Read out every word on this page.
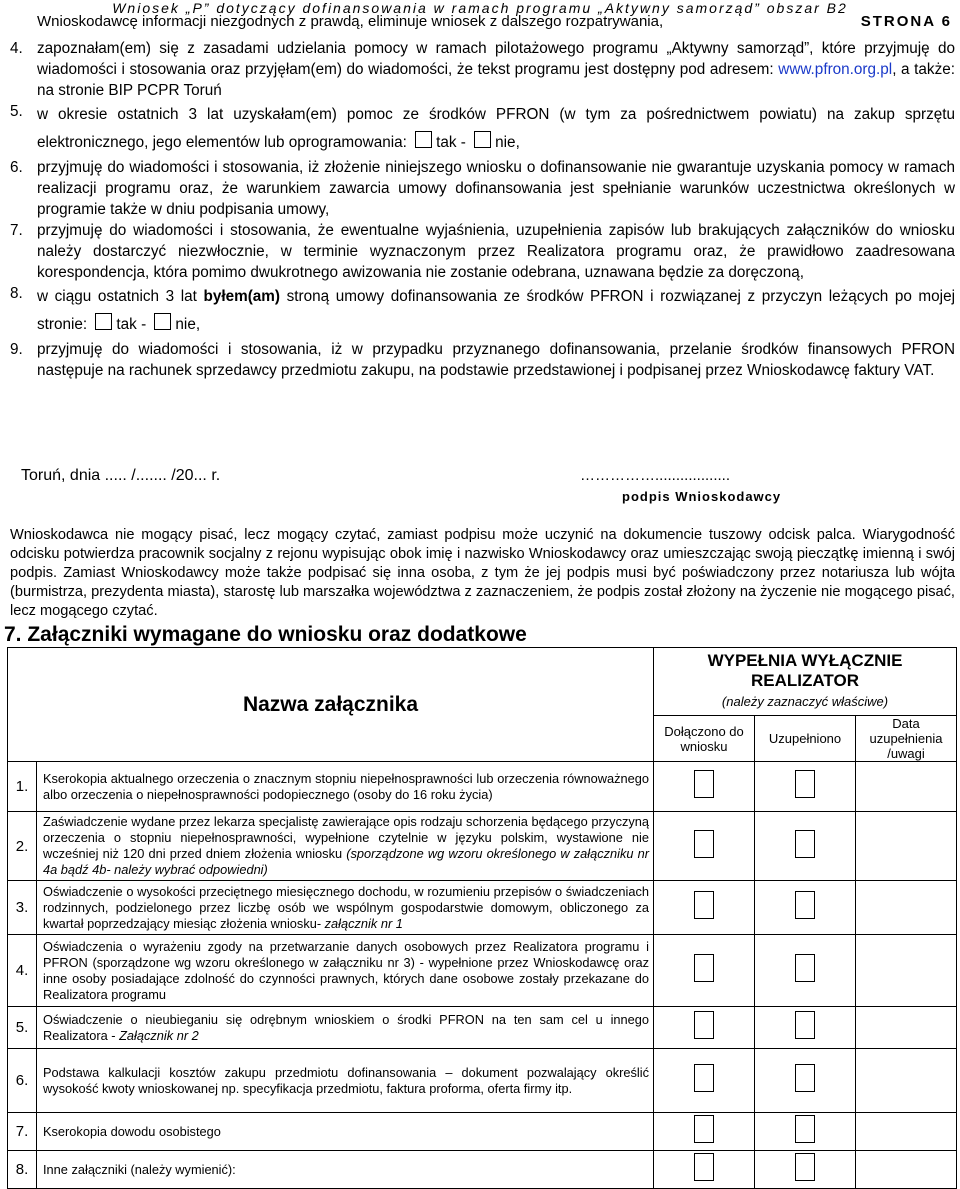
Wniosek „P” dotyczący dofinansowania w ramach programu „Aktywny samorząd” obszar B2
Wnioskodawcę informacji niezgodnych z prawdą, eliminuje wniosek z dalszego rozpatrywania,	STRONA 6
4. zapoznałam(em) się z zasadami udzielania pomocy w ramach pilotażowego programu „Aktywny samorząd”, które przyjmuję do wiadomości i stosowania oraz przyjęłam(em) do wiadomości, że tekst programu jest dostępny pod adresem: www.pfron.org.pl, a także: na stronie BIP PCPR Toruń
5. w okresie ostatnich 3 lat uzyskałam(em) pomoc ze środków PFRON (w tym za pośrednictwem powiatu) na zakup sprzętu elektronicznego, jego elementów lub oprogramowania: tak - nie,
6. przyjmuję do wiadomości i stosowania, iż złożenie niniejszego wniosku o dofinansowanie nie gwarantuje uzyskania pomocy w ramach realizacji programu oraz, że warunkiem zawarcia umowy dofinansowania jest spełnianie warunków uczestnictwa określonych w programie także w dniu podpisania umowy,
7. przyjmuję do wiadomości i stosowania, że ewentualne wyjaśnienia, uzupełnienia zapisów lub brakujących załączników do wniosku należy dostarczyć niezwłocznie, w terminie wyznaczonym przez Realizatora programu oraz, że prawidłowo zaadresowana korespondencja, która pomimo dwukrotnego awizowania nie zostanie odebrana, uznawana będzie za doręczoną,
8. w ciągu ostatnich 3 lat byłem(am) stroną umowy dofinansowania ze środków PFRON i rozwiązanej z przyczyn leżących po mojej stronie: tak - nie,
9. przyjmuję do wiadomości i stosowania, iż w przypadku przyznanego dofinansowania, przelanie środków finansowych PFRON następuje na rachunek sprzedawcy przedmiotu zakupu, na podstawie przedstawionej i podpisanej przez Wnioskodawcę faktury VAT.
Toruń, dnia ..... /....... /20... r.	……………..................
podpis Wnioskodawcy
Wnioskodawca nie mogący pisać, lecz mogący czytać, zamiast podpisu może uczynić na dokumencie tuszowy odcisk palca. Wiarygodność odcisku potwierdza pracownik socjalny z rejonu wypisując obok imię i nazwisko Wnioskodawcy oraz umieszczając swoją pieczątkę imienną i swój podpis. Zamiast Wnioskodawcy może także podpisać się inna osoba, z tym że jej podpis musi być poświadczony przez notariusza lub wójta (burmistrza, prezydenta miasta), starostę lub marszałka województwa z zaznaczeniem, że podpis został złożony na życzenie nie mogącego pisać, lecz mogącego czytać.
7. Załączniki wymagane do wniosku oraz dodatkowe
Nazwa załącznika		WYPEŁNIA WYŁĄCZNIE REALIZATOR
(należy zaznaczyć właściwe)		
		Dołączono do wniosku	Uzupełniono	Data uzupełnienia /uwagi
1.	Kserokopia aktualnego orzeczenia o znacznym stopniu niepełnosprawności lub orzeczenia równoważnego albo orzeczenia o niepełnosprawności podopiecznego (osoby do 16 roku życia)			
2.	Zaświadczenie wydane przez lekarza specjalistę zawierające opis rodzaju schorzenia będącego przyczyną orzeczenia o stopniu niepełnosprawności, wypełnione czytelnie w języku polskim, wystawione nie wcześniej niż 120 dni przed dniem złożenia wniosku (sporządzone wg wzoru określonego w załączniku nr 4a bądź 4b- należy wybrać odpowiedni)			
3.	Oświadczenie o wysokości przeciętnego miesięcznego dochodu, w rozumieniu przepisów o świadczeniach rodzinnych, podzielonego przez liczbę osób we wspólnym gospodarstwie domowym, obliczonego za kwartał poprzedzający miesiąc złożenia wniosku- załącznik nr 1			
4.	Oświadczenia o wyrażeniu zgody na przetwarzanie danych osobowych przez Realizatora programu i PFRON (sporządzone wg wzoru określonego w załączniku nr 3) - wypełnione przez Wnioskodawcę oraz inne osoby posiadające zdolność do czynności prawnych, których dane osobowe zostały przekazane do Realizatora programu			
5.	Oświadczenie o nieubieganiu się odrębnym wnioskiem o środki PFRON na ten sam cel u innego Realizatora - Załącznik nr 2			
6.	Podstawa kalkulacji kosztów zakupu przedmiotu dofinansowania – dokument pozwalający określić wysokość kwoty wnioskowanej np. specyfikacja przedmiotu, faktura proforma, oferta firmy itp.			
7.	Kserokopia dowodu osobistego			
8.	Inne załączniki (należy wymienić):			
